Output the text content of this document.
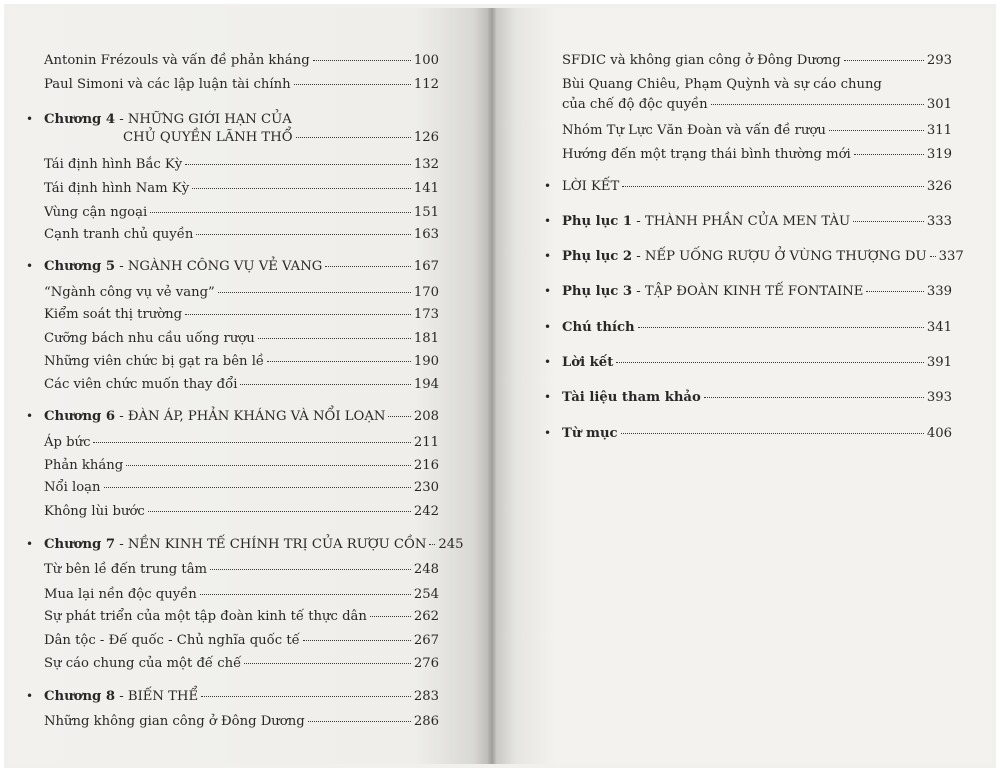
Antonin Frézouls và vấn đề phản kháng	100
Paul Simoni và các lập luận tài chính	112
• Chương 4 - NHỮNG GIỚI HẠN CỦA
CHỦ QUYỀN LÃNH THỔ	126
Tái định hình Bắc Kỳ	132
Tái định hình Nam Kỳ	141
Vùng cận ngoại	151
Cạnh tranh chủ quyền	163
• Chương 5 - NGÀNH CÔNG VỤ VẺ VANG	167
“Ngành công vụ vẻ vang”	170
Kiểm soát thị trường	173
Cưỡng bách nhu cầu uống rượu	181
Những viên chức bị gạt ra bên lề	190
Các viên chức muốn thay đổi	194
• Chương 6 - ĐÀN ÁP, PHẢN KHÁNG VÀ NỔI LOẠN 208
Áp bức	211
Phản kháng	216
Nổi loạn	230
Không lùi bước	242
• Chương 7 - NỀN KINH TẾ CHÍNH TRỊ CỦA RƯỢU CỒN 245
Từ bên lề đến trung tâm	248
Mua lại nền độc quyền	254
Sự phát triển của một tập đoàn kinh tế thực dân	262
Dân tộc - Đế quốc - Chủ nghĩa quốc tế	267
Sự cáo chung của một đế chế	276
• Chương 8 - BIẾN THỂ	283
Những không gian công ở Đông Dương	286
SFDIC và không gian công ở Đông Dương	293
Bùi Quang Chiêu, Phạm Quỳnh và sự cáo chung
của chế độ độc quyền	301
Nhóm Tự Lực Văn Đoàn và vấn đề rượu	311
Hướng đến một trạng thái bình thường mới	319
• LỜI KẾT	326
• Phụ lục 1 - THÀNH PHẦN CỦA MEN TÀU	333
• Phụ lục 2 - NẾP UỐNG RƯỢU Ở VÙNG THƯỢNG DU 337
• Phụ lục 3 - TẬP ĐOÀN KINH TẾ FONTAINE	339
• Chú thích	341
• Lời kết	391
• Tài liệu tham khảo	393
• Từ mục	406
